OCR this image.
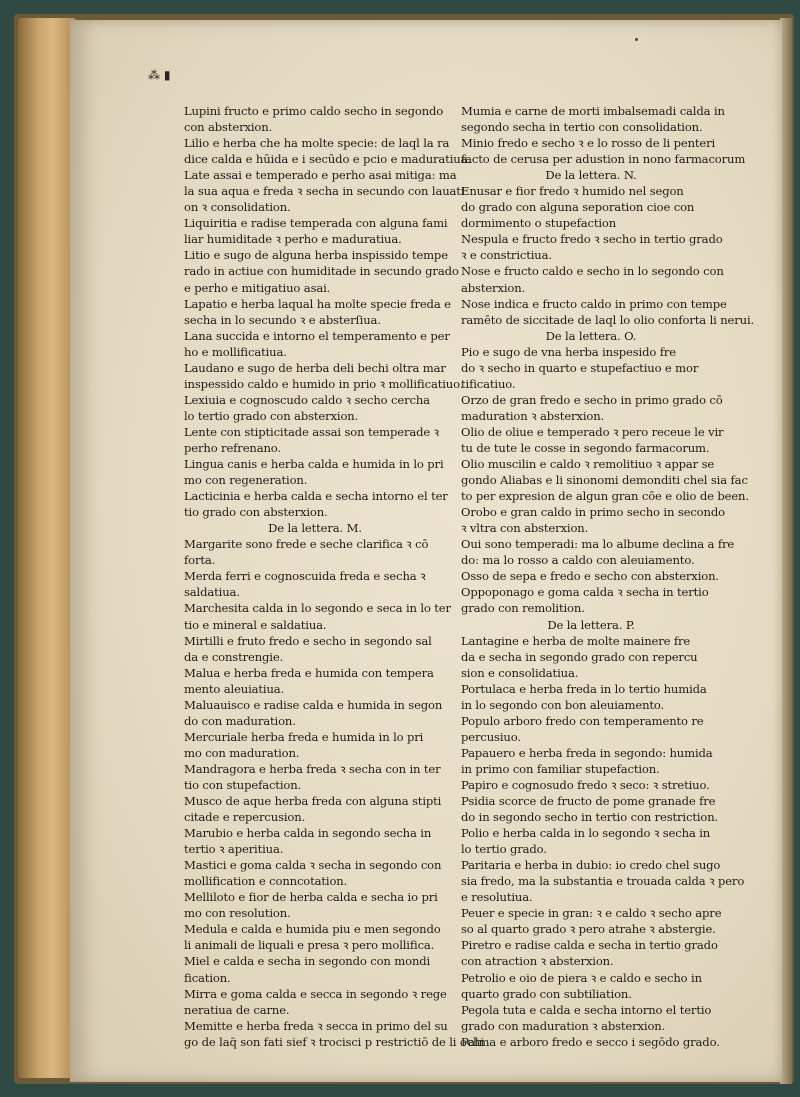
⁂ ▮
Lupini fructo e primo caldo secho in segondo
con absterxion.
Lilio e herba che ha molte specie: de laql la ra
dice calda e hūida e i secūdo e pcio e maduratiua.
Late assai e temperado e perho asai mitiga: ma
la sua aqua e freda ꝛ secha in secundo con lauati
on ꝛ consolidation.
Liquiritia e radise temperada con alguna fami
liar humiditade ꝛ perho e maduratiua.
Litio e sugo de alguna herba inspissido tempe
rado in actiue con humiditade in secundo grado
e perho e mitigatiuo asai.
Lapatio e herba laqual ha molte specie freda e
secha in lo secundo ꝛ e absterſiua.
Lana succida e intorno el temperamento e per
ho e mollificatiua.
Laudano e sugo de herba deli bechi oltra mar
inspessido caldo e humido in prio ꝛ mollificatiuo.
Lexiuia e cognoscudo caldo ꝛ secho cercha
lo tertio grado con absterxion.
Lente con stipticitade assai son temperade ꝛ
perho refrenano.
Lingua canis e herba calda e humida in lo pri
mo con regeneration.
Lacticinia e herba calda e secha intorno el ter
tio grado con absterxion.
De la lettera. M.
Margarite sono frede e seche clarifica ꝛ cō
forta.
Merda ferri e cognoscuida freda e secha ꝛ
saldatiua.
Marchesita calda in lo segondo e seca in lo ter
tio e mineral e saldatiua.
Mirtilli e fruto fredo e secho in segondo sal
da e constrengie.
Malua e herba freda e humida con tempera
mento aleuiatiua.
Maluauisco e radise calda e humida in segon
do con maduration.
Mercuriale herba freda e humida in lo pri
mo con maduration.
Mandragora e herba freda ꝛ secha con in ter
tio con stupefaction.
Musco de aque herba freda con alguna stipti
citade e repercusion.
Marubio e herba calda in segondo secha in
tertio ꝛ aperitiua.
Mastici e goma calda ꝛ secha in segondo con
mollification e conncotation.
Melliloto e fior de herba calda e secha io pri
mo con resolution.
Medula e calda e humida piu e men segondo
li animali de liquali e presa ꝛ pero mollifica.
Miel e calda e secha in segondo con mondi
fication.
Mirra e goma calda e secca in segondo ꝛ rege
neratiua de carne.
Memitte e herba freda ꝛ secca in primo del su
go de laq̄ son fati sief ꝛ trocisci p restrictiō de li ochi
Mumia e carne de morti imbalsemadi calda in
segondo secha in tertio con consolidation.
Minio fredo e secho ꝛ e lo rosso de li penteri
facto de cerusa per adustion in nono farmacorum
De la lettera. N.
Enusar e fior fredo ꝛ humido nel segon
do grado con alguna seporation cioe con
dormimento o stupefaction
Nespula e fructo fredo ꝛ secho in tertio grado
ꝛ e constrictiua.
Nose e fructo caldo e secho in lo segondo con
absterxion.
Nose indica e fructo caldo in primo con tempe
ramēto de siccitade de laql lo olio conforta li nerui.
De la lettera. O.
Pio e sugo de vna herba inspesido fre
do ꝛ secho in quarto e stupefactiuo e mor
tificatiuo.
Orzo de gran fredo e secho in primo grado cō
maduration ꝛ absterxion.
Olio de oliue e temperado ꝛ pero receue le vir
tu de tute le cosse in segondo farmacorum.
Olio muscilin e caldo ꝛ remolitiuo ꝛ appar se
gondo Aliabas e li sinonomi demonditi chel sia fac
to per expresion de algun gran cōe e olio de been.
Orobo e gran caldo in primo secho in secondo
ꝛ vltra con absterxion.
Oui sono temperadi: ma lo albume declina a fre
do: ma lo rosso a caldo con aleuiamento.
Osso de sepa e fredo e secho con absterxion.
Oppoponago e goma calda ꝛ secha in tertio
grado con remolition.
De la lettera. P.
Lantagine e herba de molte mainere fre
da e secha in segondo grado con repercu
sion e consolidatiua.
Portulaca e herba freda in lo tertio humida
in lo segondo con bon aleuiamento.
Populo arboro fredo con temperamento re
percusiuo.
Papauero e herba freda in segondo: humida
in primo con familiar stupefaction.
Papiro e cognosudo fredo ꝛ seco: ꝛ stretiuo.
Psidia scorce de fructo de pome granade fre
do in segondo secho in tertio con restriction.
Polio e herba calda in lo segondo ꝛ secha in
lo tertio grado.
Paritaria e herba in dubio: io credo chel sugo
sia fredo, ma la substantia e trouada calda ꝛ pero
e resolutiua.
Peuer e specie in gran: ꝛ e caldo ꝛ secho apre
so al quarto grado ꝛ pero atrahe ꝛ abstergie.
Piretro e radise calda e secha in tertio grado
con atraction ꝛ absterxion.
Petrolio e oio de piera ꝛ e caldo e secho in
quarto grado con subtiliation.
Pegola tuta e calda e secha intorno el tertio
grado con maduration ꝛ absterxion.
Palma e arboro fredo e secco i segōdo grado.
